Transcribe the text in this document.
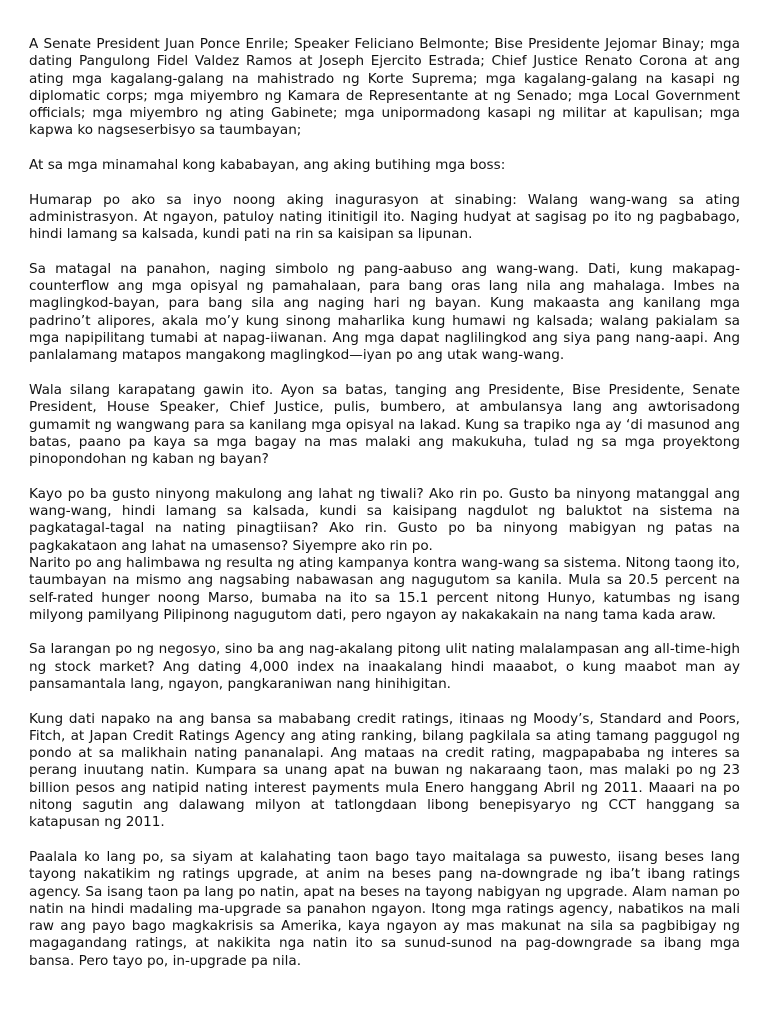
A Senate President Juan Ponce Enrile; Speaker Feliciano Belmonte; Bise Presidente Jejomar Binay; mga dating Pangulong Fidel Valdez Ramos at Joseph Ejercito Estrada; Chief Justice Renato Corona at ang ating mga kagalang-galang na mahistrado ng Korte Suprema; mga kagalang-galang na kasapi ng diplomatic corps; mga miyembro ng Kamara de Representante at ng Senado; mga Local Government officials; mga miyembro ng ating Gabinete; mga unipormadong kasapi ng militar at kapulisan; mga kapwa ko nagseserbisyo sa taumbayan;

At sa mga minamahal kong kababayan, ang aking butihing mga boss:

Humarap po ako sa inyo noong aking inagurasyon at sinabing: Walang wang-wang sa ating administrasyon. At ngayon, patuloy nating itinitigil ito. Naging hudyat at sagisag po ito ng pagbabago, hindi lamang sa kalsada, kundi pati na rin sa kaisipan sa lipunan.

Sa matagal na panahon, naging simbolo ng pang-aabuso ang wang-wang. Dati, kung makapag-counterflow ang mga opisyal ng pamahalaan, para bang oras lang nila ang mahalaga. Imbes na maglingkod-bayan, para bang sila ang naging hari ng bayan. Kung makaasta ang kanilang mga padrino’t alipores, akala mo’y kung sinong maharlika kung humawi ng kalsada; walang pakialam sa mga napipilitang tumabi at napag-iiwanan. Ang mga dapat naglilingkod ang siya pang nang-aapi. Ang panlalamang matapos mangakong maglingkod—iyan po ang utak wang-wang.

Wala silang karapatang gawin ito. Ayon sa batas, tanging ang Presidente, Bise Presidente, Senate President, House Speaker, Chief Justice, pulis, bumbero, at ambulansya lang ang awtorisadong gumamit ng wangwang para sa kanilang mga opisyal na lakad. Kung sa trapiko nga ay ‘di masunod ang batas, paano pa kaya sa mga bagay na mas malaki ang makukuha, tulad ng sa mga proyektong pinopondohan ng kaban ng bayan?

Kayo po ba gusto ninyong makulong ang lahat ng tiwali? Ako rin po. Gusto ba ninyong matanggal ang wang-wang, hindi lamang sa kalsada, kundi sa kaisipang nagdulot ng baluktot na sistema na pagkatagal-tagal na nating pinagtiisan? Ako rin. Gusto po ba ninyong mabigyan ng patas na pagkakataon ang lahat na umasenso? Siyempre ako rin po.

Narito po ang halimbawa ng resulta ng ating kampanya kontra wang-wang sa sistema. Nitong taong ito, taumbayan na mismo ang nagsabing nabawasan ang nagugutom sa kanila. Mula sa 20.5 percent na self-rated hunger noong Marso, bumaba na ito sa 15.1 percent nitong Hunyo, katumbas ng isang milyong pamilyang Pilipinong nagugutom dati, pero ngayon ay nakakakain na nang tama kada araw.

Sa larangan po ng negosyo, sino ba ang nag-akalang pitong ulit nating malalampasan ang all-time-high ng stock market? Ang dating 4,000 index na inaakalang hindi maaabot, o kung maabot man ay pansamantala lang, ngayon, pangkaraniwan nang hinihigitan.

Kung dati napako na ang bansa sa mababang credit ratings, itinaas ng Moody’s, Standard and Poors, Fitch, at Japan Credit Ratings Agency ang ating ranking, bilang pagkilala sa ating tamang paggugol ng pondo at sa malikhain nating pananalapi. Ang mataas na credit rating, magpapababa ng interes sa perang inuutang natin. Kumpara sa unang apat na buwan ng nakaraang taon, mas malaki po ng 23 billion pesos ang natipid nating interest payments mula Enero hanggang Abril ng 2011. Maaari na po nitong sagutin ang dalawang milyon at tatlongdaan libong benepisyaryo ng CCT hanggang sa katapusan ng 2011.

Paalala ko lang po, sa siyam at kalahating taon bago tayo maitalaga sa puwesto, iisang beses lang tayong nakatikim ng ratings upgrade, at anim na beses pang na-downgrade ng iba’t ibang ratings agency. Sa isang taon pa lang po natin, apat na beses na tayong nabigyan ng upgrade. Alam naman po natin na hindi madaling ma-upgrade sa panahon ngayon. Itong mga ratings agency, nabatikos na mali raw ang payo bago magkakrisis sa Amerika, kaya ngayon ay mas makunat na sila sa pagbibigay ng magagandang ratings, at nakikita nga natin ito sa sunud-sunod na pag-downgrade sa ibang mga bansa. Pero tayo po, in-upgrade pa nila.
